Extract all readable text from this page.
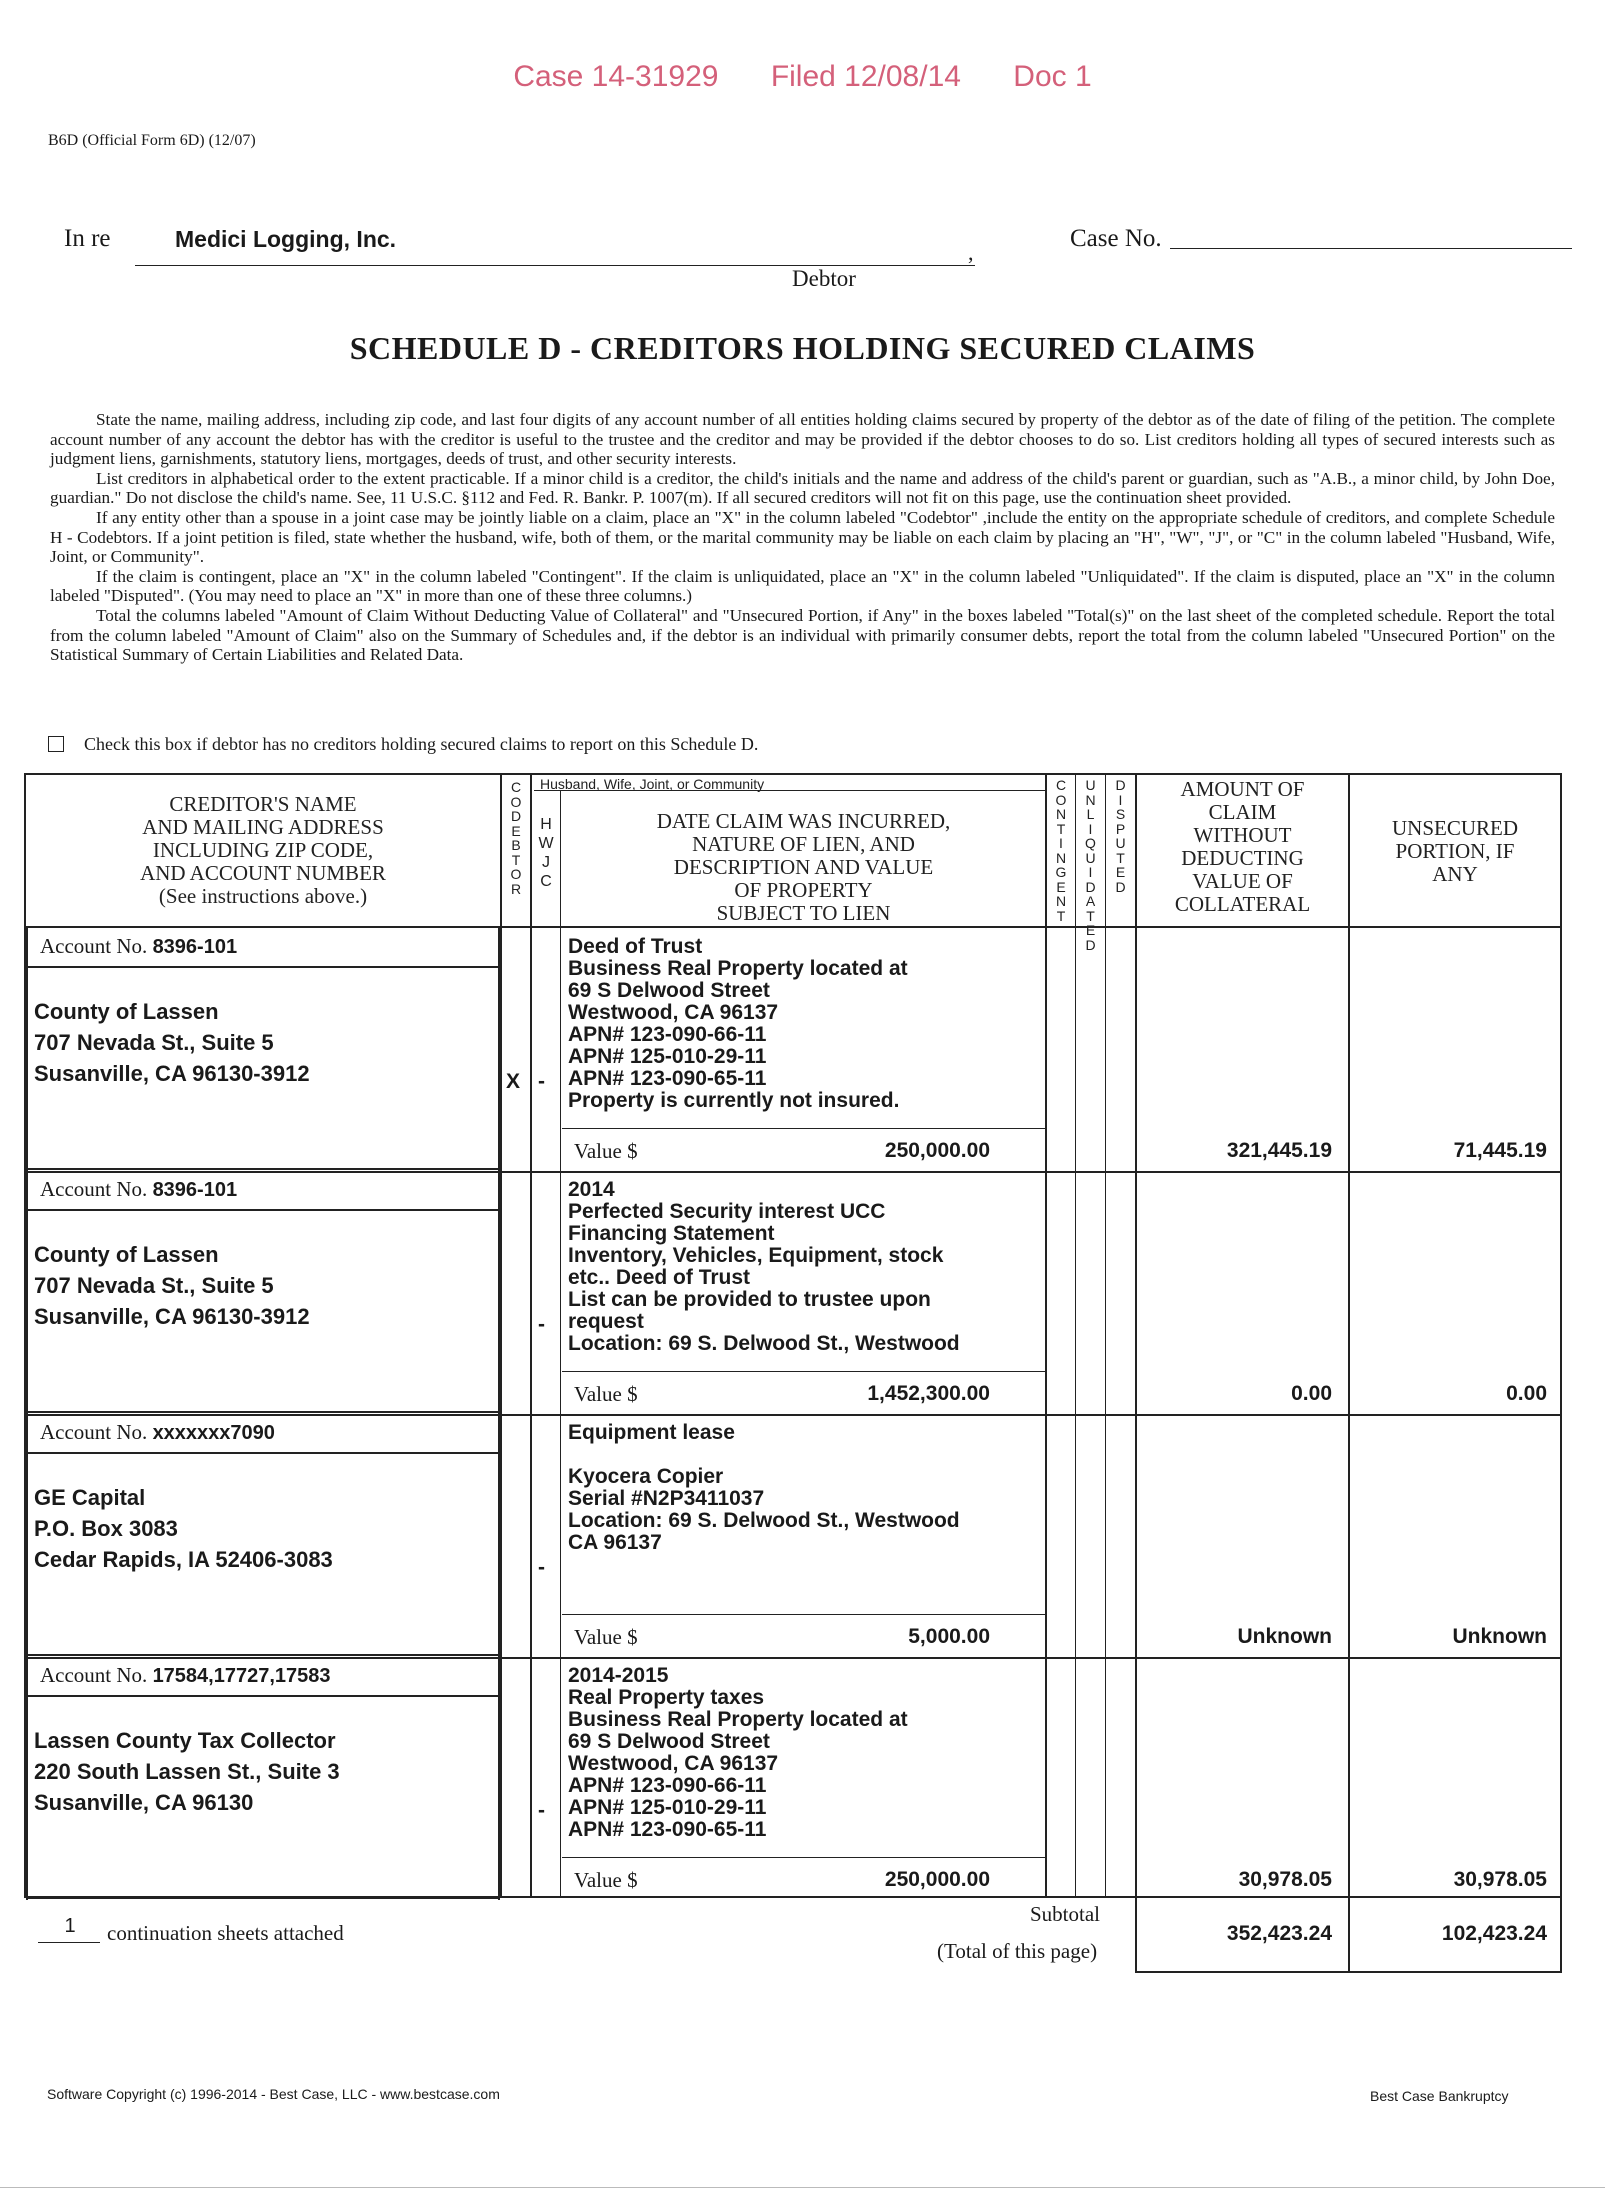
Case 14-31929 Filed 12/08/14 Doc 1
B6D (Official Form 6D) (12/07)
In re	Medici Logging, Inc.
,
Debtor
Case No.
SCHEDULE D - CREDITORS HOLDING SECURED CLAIMS

State the name, mailing address, including zip code, and last four digits of any account number of all entities holding claims secured by property of the debtor as of the date of filing of the petition. The complete account number of any account the debtor has with the creditor is useful to the trustee and the creditor and may be provided if the debtor chooses to do so. List creditors holding all types of secured interests such as judgment liens, garnishments, statutory liens, mortgages, deeds of trust, and other security interests.

List creditors in alphabetical order to the extent practicable. If a minor child is a creditor, the child's initials and the name and address of the child's parent or guardian, such as "A.B., a minor child, by John Doe, guardian." Do not disclose the child's name. See, 11 U.S.C. §112 and Fed. R. Bankr. P. 1007(m). If all secured creditors will not fit on this page, use the continuation sheet provided.

If any entity other than a spouse in a joint case may be jointly liable on a claim, place an "X" in the column labeled "Codebtor" ,include the entity on the appropriate schedule of creditors, and complete Schedule H - Codebtors. If a joint petition is filed, state whether the husband, wife, both of them, or the marital community may be liable on each claim by placing an "H", "W", "J", or "C" in the column labeled "Husband, Wife, Joint, or Community".

If the claim is contingent, place an "X" in the column labeled "Contingent". If the claim is unliquidated, place an "X" in the column labeled "Unliquidated". If the claim is disputed, place an "X" in the column labeled "Disputed". (You may need to place an "X" in more than one of these three columns.)

Total the columns labeled "Amount of Claim Without Deducting Value of Collateral" and "Unsecured Portion, if Any" in the boxes labeled "Total(s)" on the last sheet of the completed schedule. Report the total from the column labeled "Amount of Claim" also on the Summary of Schedules and, if the debtor is an individual with primarily consumer debts, report the total from the column labeled "Unsecured Portion" on the Statistical Summary of Certain Liabilities and Related Data.

Check this box if debtor has no creditors holding secured claims to report on this Schedule D.
CREDITOR'S NAME
AND MAILING ADDRESS
INCLUDING ZIP CODE,
AND ACCOUNT NUMBER
(See instructions above.)
C
O
D
E
B
T
O
R
Husband, Wife, Joint, or Community
H
W
J
C
DATE CLAIM WAS INCURRED,
NATURE OF LIEN, AND
DESCRIPTION AND VALUE
OF PROPERTY
SUBJECT TO LIEN
C
O
N
T
I
N
G
E
N
T
U
N
L
I
Q
U
I
D
A
T
E
D
D
I
S
P
U
T
E
D
AMOUNT OF
CLAIM
WITHOUT
DEDUCTING
VALUE OF
COLLATERAL
UNSECURED
PORTION, IF
ANY
Account No. 8396-101
County of Lassen
707 Nevada St., Suite 5
Susanville, CA 96130-3912	X -
Deed of Trust
Business Real Property located at
69 S Delwood Street
Westwood, CA 96137
APN# 123-090-66-11
APN# 125-010-29-11
APN# 123-090-65-11
Property is currently not insured.
Value $	250,000.00	321,445.19	71,445.19
Account No. 8396-101
County of Lassen
707 Nevada St., Suite 5
Susanville, CA 96130-3912	-
2014
Perfected Security interest UCC
Financing Statement
Inventory, Vehicles, Equipment, stock
etc.. Deed of Trust
List can be provided to trustee upon
request
Location: 69 S. Delwood St., Westwood
Value $	1,452,300.00	0.00	0.00
Account No. xxxxxxx7090
GE Capital
P.O. Box 3083
Cedar Rapids, IA 52406-3083	-
Equipment lease
Kyocera Copier
Serial #N2P3411037
Location: 69 S. Delwood St., Westwood
CA 96137
Value $	5,000.00	Unknown	Unknown
Account No. 17584,17727,17583
Lassen County Tax Collector
220 South Lassen St., Suite 3
Susanville, CA 96130	-
2014-2015
Real Property taxes
Business Real Property located at
69 S Delwood Street
Westwood, CA 96137
APN# 123-090-66-11
APN# 125-010-29-11
APN# 123-090-65-11
Value $	250,000.00	30,978.05	30,978.05
1	continuation sheets attached
Subtotal
(Total of this page)
352,423.24	102,423.24
Software Copyright (c) 1996-2014 - Best Case, LLC - www.bestcase.com	Best Case Bankruptcy
